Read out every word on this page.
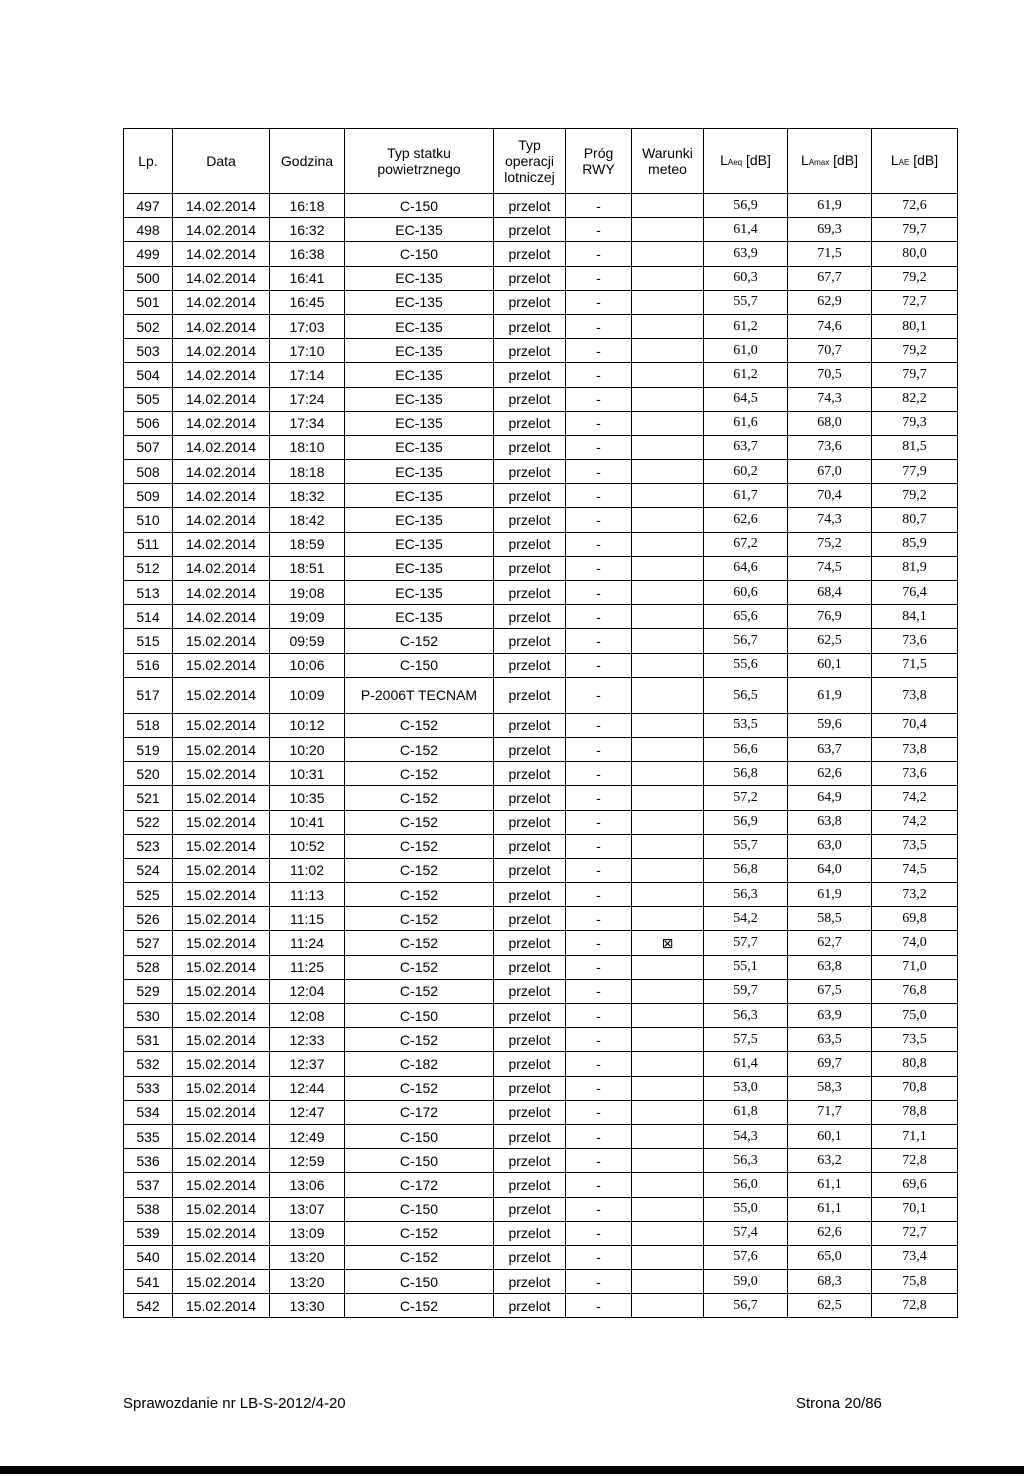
Lp.	Data	Godzina	Typ statku powietrznego	Typ operacji lotniczej	Próg RWY	Warunki meteo	LAeq [dB]	LAmax [dB]	LAE [dB]
497	14.02.2014	16:18	C-150	przelot	-		56,9	61,9	72,6
498	14.02.2014	16:32	EC-135	przelot	-		61,4	69,3	79,7
499	14.02.2014	16:38	C-150	przelot	-		63,9	71,5	80,0
500	14.02.2014	16:41	EC-135	przelot	-		60,3	67,7	79,2
501	14.02.2014	16:45	EC-135	przelot	-		55,7	62,9	72,7
502	14.02.2014	17:03	EC-135	przelot	-		61,2	74,6	80,1
503	14.02.2014	17:10	EC-135	przelot	-		61,0	70,7	79,2
504	14.02.2014	17:14	EC-135	przelot	-		61,2	70,5	79,7
505	14.02.2014	17:24	EC-135	przelot	-		64,5	74,3	82,2
506	14.02.2014	17:34	EC-135	przelot	-		61,6	68,0	79,3
507	14.02.2014	18:10	EC-135	przelot	-		63,7	73,6	81,5
508	14.02.2014	18:18	EC-135	przelot	-		60,2	67,0	77,9
509	14.02.2014	18:32	EC-135	przelot	-		61,7	70,4	79,2
510	14.02.2014	18:42	EC-135	przelot	-		62,6	74,3	80,7
511	14.02.2014	18:59	EC-135	przelot	-		67,2	75,2	85,9
512	14.02.2014	18:51	EC-135	przelot	-		64,6	74,5	81,9
513	14.02.2014	19:08	EC-135	przelot	-		60,6	68,4	76,4
514	14.02.2014	19:09	EC-135	przelot	-		65,6	76,9	84,1
515	15.02.2014	09:59	C-152	przelot	-		56,7	62,5	73,6
516	15.02.2014	10:06	C-150	przelot	-		55,6	60,1	71,5
517	15.02.2014	10:09	P-2006T TECNAM	przelot	-		56,5	61,9	73,8
518	15.02.2014	10:12	C-152	przelot	-		53,5	59,6	70,4
519	15.02.2014	10:20	C-152	przelot	-		56,6	63,7	73,8
520	15.02.2014	10:31	C-152	przelot	-		56,8	62,6	73,6
521	15.02.2014	10:35	C-152	przelot	-		57,2	64,9	74,2
522	15.02.2014	10:41	C-152	przelot	-		56,9	63,8	74,2
523	15.02.2014	10:52	C-152	przelot	-		55,7	63,0	73,5
524	15.02.2014	11:02	C-152	przelot	-		56,8	64,0	74,5
525	15.02.2014	11:13	C-152	przelot	-		56,3	61,9	73,2
526	15.02.2014	11:15	C-152	przelot	-		54,2	58,5	69,8
527	15.02.2014	11:24	C-152	przelot	-	⊠	57,7	62,7	74,0
528	15.02.2014	11:25	C-152	przelot	-		55,1	63,8	71,0
529	15.02.2014	12:04	C-152	przelot	-		59,7	67,5	76,8
530	15.02.2014	12:08	C-150	przelot	-		56,3	63,9	75,0
531	15.02.2014	12:33	C-152	przelot	-		57,5	63,5	73,5
532	15.02.2014	12:37	C-182	przelot	-		61,4	69,7	80,8
533	15.02.2014	12:44	C-152	przelot	-		53,0	58,3	70,8
534	15.02.2014	12:47	C-172	przelot	-		61,8	71,7	78,8
535	15.02.2014	12:49	C-150	przelot	-		54,3	60,1	71,1
536	15.02.2014	12:59	C-150	przelot	-		56,3	63,2	72,8
537	15.02.2014	13:06	C-172	przelot	-		56,0	61,1	69,6
538	15.02.2014	13:07	C-150	przelot	-		55,0	61,1	70,1
539	15.02.2014	13:09	C-152	przelot	-		57,4	62,6	72,7
540	15.02.2014	13:20	C-152	przelot	-		57,6	65,0	73,4
541	15.02.2014	13:20	C-150	przelot	-		59,0	68,3	75,8
542	15.02.2014	13:30	C-152	przelot	-		56,7	62,5	72,8
Sprawozdanie nr LB-S-2012/4-20	Strona 20/86
